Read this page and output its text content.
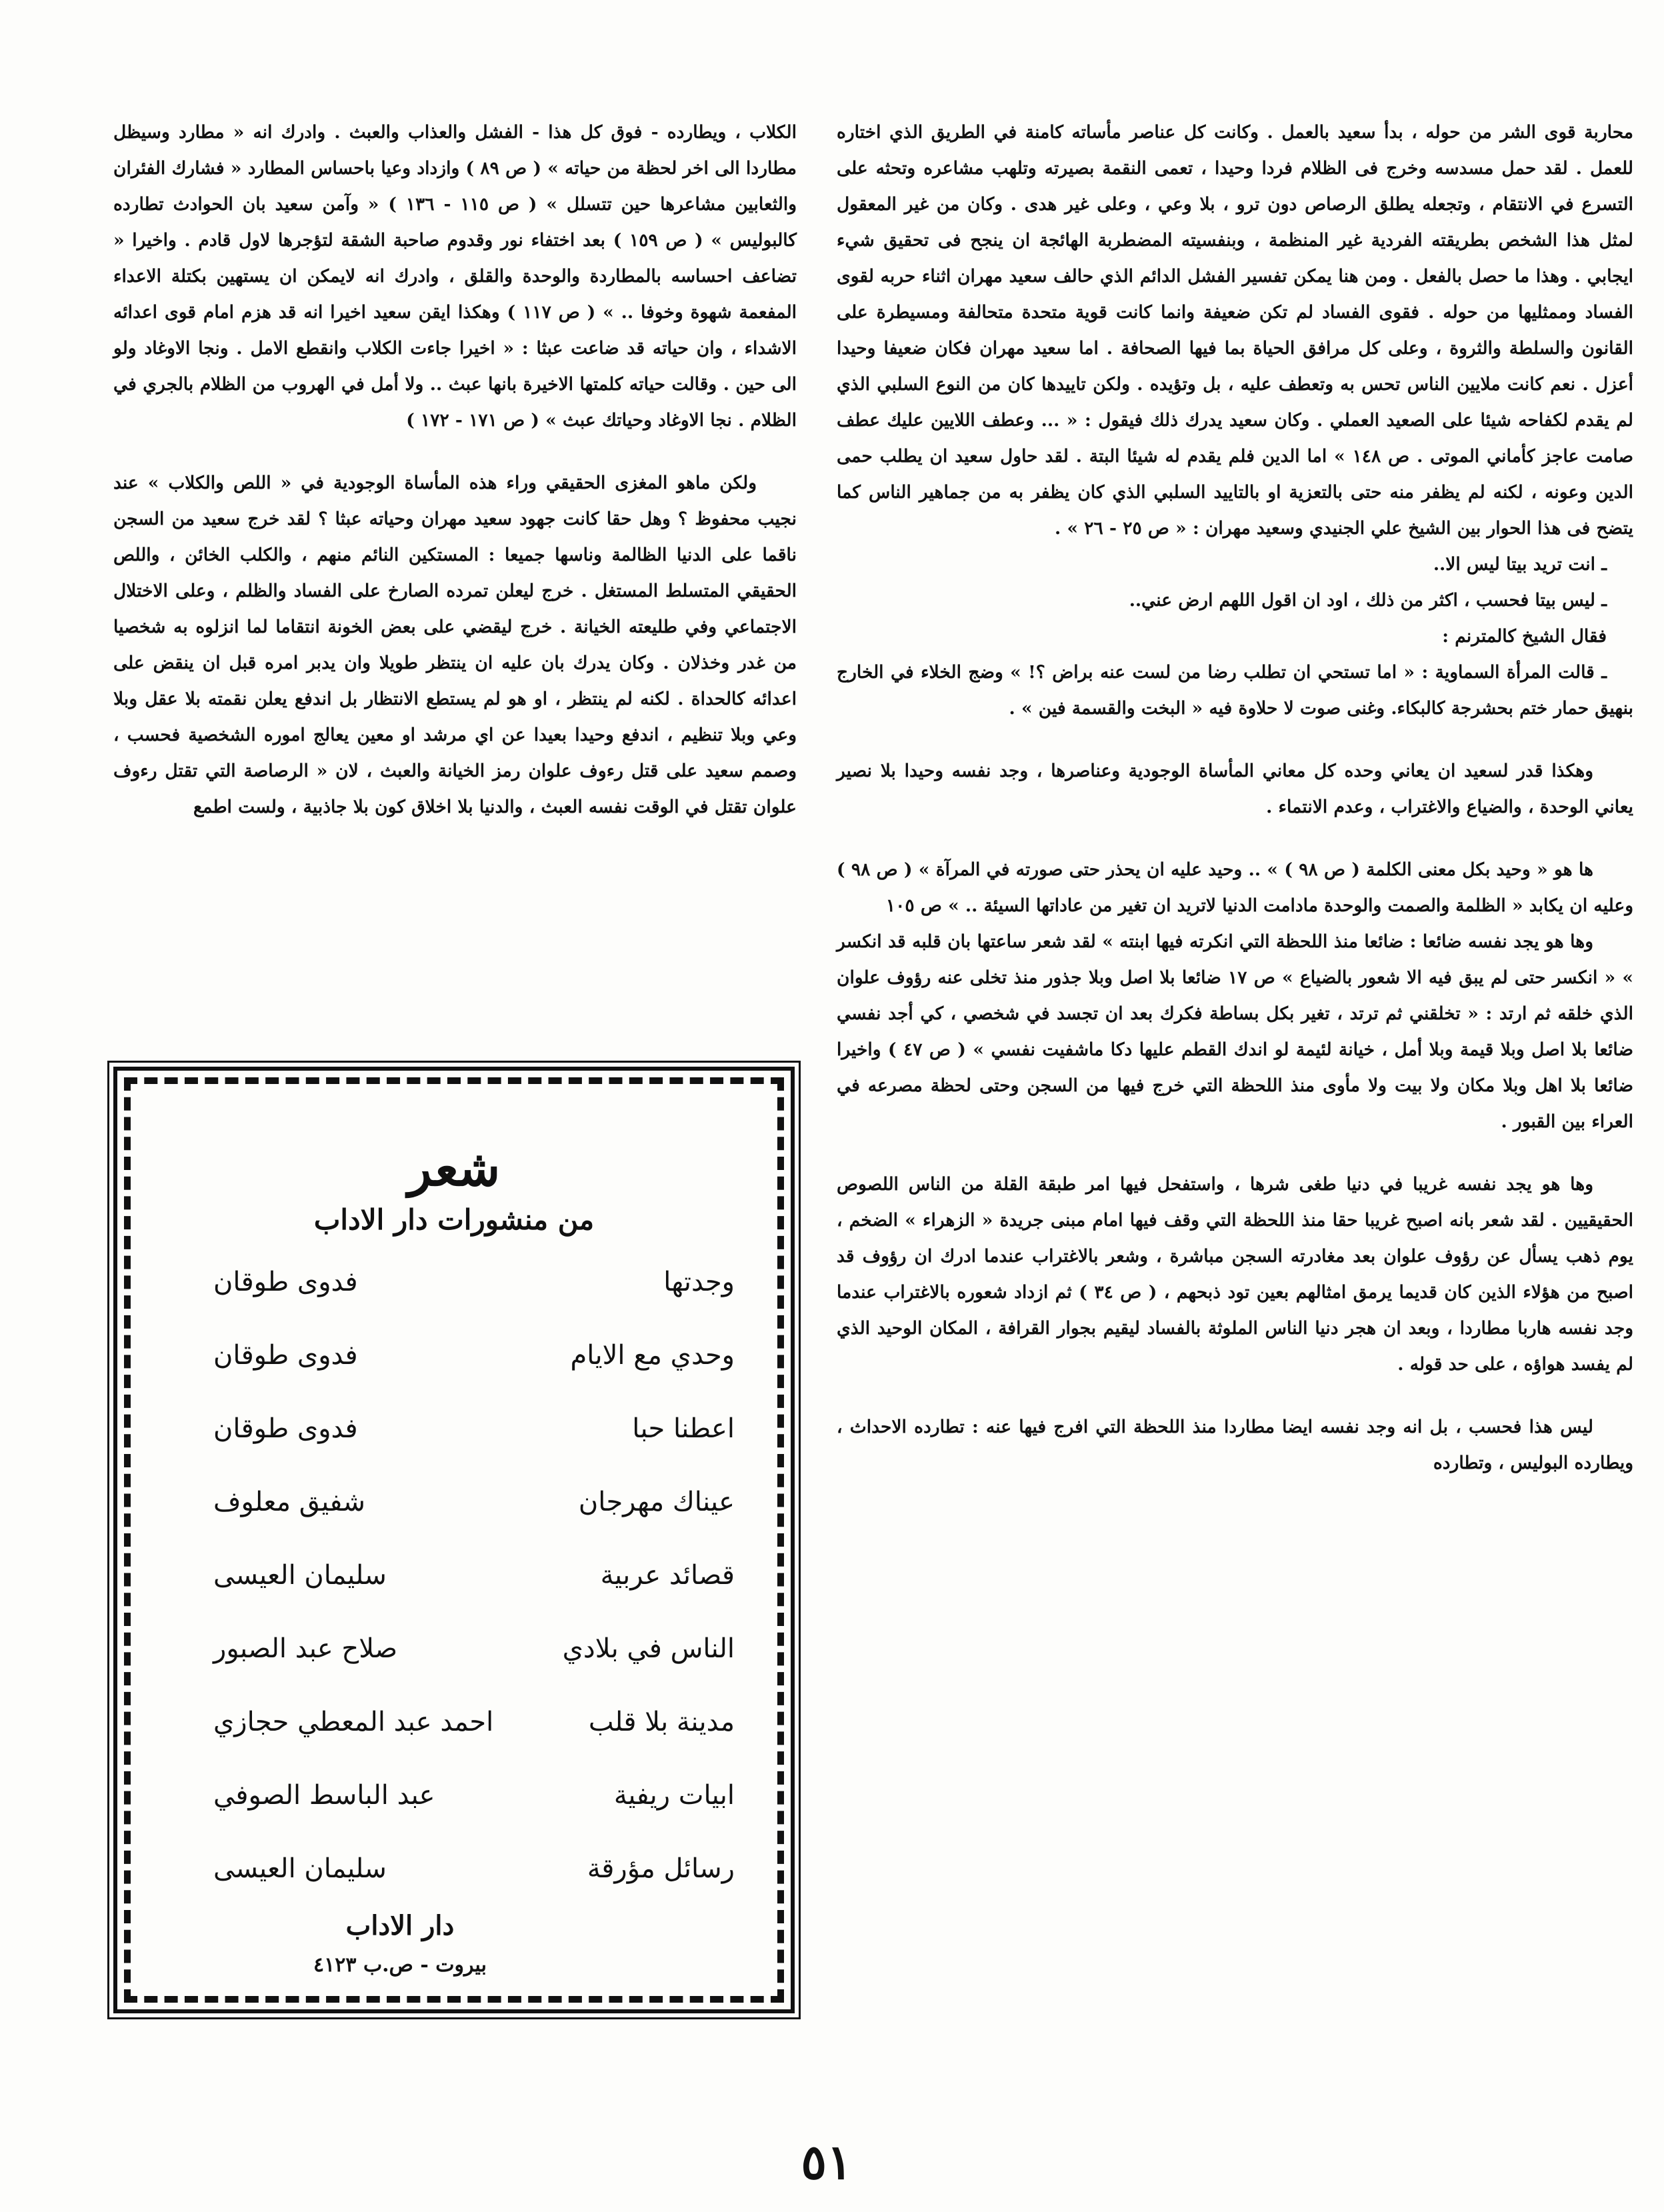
محاربة قوى الشر من حوله ، بدأ سعيد بالعمل . وكانت كل عناصر مأساته كامنة في الطريق الذي اختاره للعمل . لقد حمل مسدسه وخرج فى الظلام فردا وحيدا ، تعمى النقمة بصيرته وتلهب مشاعره وتحثه على التسرع في الانتقام ، وتجعله يطلق الرصاص دون ترو ، بلا وعي ، وعلى غير هدى . وكان من غير المعقول لمثل هذا الشخص بطريقته الفردية غير المنظمة ، وبنفسيته المضطربة الهائجة ان ينجح فى تحقيق شيء ايجابي . وهذا ما حصل بالفعل . ومن هنا يمكن تفسير الفشل الدائم الذي حالف سعيد مهران اثناء حربه لقوى الفساد وممثليها من حوله . فقوى الفساد لم تكن ضعيفة وانما كانت قوية متحدة متحالفة ومسيطرة على القانون والسلطة والثروة ، وعلى كل مرافق الحياة بما فيها الصحافة . اما سعيد مهران فكان ضعيفا وحيدا أعزل . نعم كانت ملايين الناس تحس به وتعطف عليه ، بل وتؤيده . ولكن تاييدها كان من النوع السلبي الذي لم يقدم لكفاحه شيئا على الصعيد العملي . وكان سعيد يدرك ذلك فيقول : « ... وعطف اللايين عليك عطف صامت عاجز كأماني الموتى . ص ١٤٨ » اما الدين فلم يقدم له شيئا البتة . لقد حاول سعيد ان يطلب حمى الدين وعونه ، لكنه لم يظفر منه حتى بالتعزية او بالتاييد السلبي الذي كان يظفر به من جماهير الناس كما يتضح فى هذا الحوار بين الشيخ علي الجنيدي وسعيد مهران : « ص ٢٥ - ٢٦ » .

ـ انت تريد بيتا ليس الا..

ـ ليس بيتا فحسب ، اكثر من ذلك ، اود ان اقول اللهم ارض عني..

فقال الشيخ كالمترنم :

ـ قالت المرأة السماوية : « اما تستحي ان تطلب رضا من لست عنه براض ؟! » وضج الخلاء في الخارج بنهيق حمار ختم بحشرجة كالبكاء. وغنى صوت لا حلاوة فيه « البخت والقسمة فين » .

وهكذا قدر لسعيد ان يعاني وحده كل معاني المأساة الوجودية وعناصرها ، وجد نفسه وحيدا بلا نصير يعاني الوحدة ، والضياع والاغتراب ، وعدم الانتماء .

ها هو « وحيد بكل معنى الكلمة ( ص ٩٨ ) » .. وحيد عليه ان يحذر حتى صورته في المرآة » ( ص ٩٨ ) وعليه ان يكابد « الظلمة والصمت والوحدة مادامت الدنيا لاتريد ان تغير من عاداتها السيئة .. » ص ١٠٥

وها هو يجد نفسه ضائعا : ضائعا منذ اللحظة التي انكرته فيها ابنته » لقد شعر ساعتها بان قلبه قد انكسر » « انكسر حتى لم يبق فيه الا شعور بالضياع » ص ١٧ ضائعا بلا اصل وبلا جذور منذ تخلى عنه رؤوف علوان الذي خلقه ثم ارتد : « تخلقني ثم ترتد ، تغير بكل بساطة فكرك بعد ان تجسد في شخصي ، كي أجد نفسي ضائعا بلا اصل وبلا قيمة وبلا أمل ، خيانة لئيمة لو اندك القطم عليها دكا ماشفيت نفسي » ( ص ٤٧ ) واخيرا ضائعا بلا اهل وبلا مكان ولا بيت ولا مأوى منذ اللحظة التي خرج فيها من السجن وحتى لحظة مصرعه في العراء بين القبور .

وها هو يجد نفسه غريبا في دنيا طغى شرها ، واستفحل فيها امر طبقة القلة من الناس اللصوص الحقيقيين . لقد شعر بانه اصبح غريبا حقا منذ اللحظة التي وقف فيها امام مبنى جريدة « الزهراء » الضخم ، يوم ذهب يسأل عن رؤوف علوان بعد مغادرته السجن مباشرة ، وشعر بالاغتراب عندما ادرك ان رؤوف قد اصبح من هؤلاء الذين كان قديما يرمق امثالهم بعين تود ذبحهم ، ( ص ٣٤ ) ثم ازداد شعوره بالاغتراب عندما وجد نفسه هاربا مطاردا ، وبعد ان هجر دنيا الناس الملوثة بالفساد ليقيم بجوار القرافة ، المكان الوحيد الذي لم يفسد هواؤه ، على حد قوله .

ليس هذا فحسب ، بل انه وجد نفسه ايضا مطاردا منذ اللحظة التي افرج فيها عنه : تطارده الاحداث ، ويطارده البوليس ، وتطارده

الكلاب ، ويطارده - فوق كل هذا - الفشل والعذاب والعبث . وادرك انه « مطارد وسيظل مطاردا الى اخر لحظة من حياته » ( ص ٨٩ ) وازداد وعيا باحساس المطارد « فشارك الفئران والثعابين مشاعرها حين تتسلل » ( ص ١١٥ - ١٣٦ ) « وآمن سعيد بان الحوادث تطارده كالبوليس » ( ص ١٥٩ ) بعد اختفاء نور وقدوم صاحبة الشقة لتؤجرها لاول قادم . واخيرا « تضاعف احساسه بالمطاردة والوحدة والقلق ، وادرك انه لايمكن ان يستهين بكتلة الاعداء المفعمة شهوة وخوفا .. » ( ص ١١٧ ) وهكذا ايقن سعيد اخيرا انه قد هزم امام قوى اعدائه الاشداء ، وان حياته قد ضاعت عبثا : « اخيرا جاءت الكلاب وانقطع الامل . ونجا الاوغاد ولو الى حين . وقالت حياته كلمتها الاخيرة بانها عبث .. ولا أمل في الهروب من الظلام بالجري في الظلام . نجا الاوغاد وحياتك عبث » ( ص ١٧١ - ١٧٢ )

ولكن ماهو المغزى الحقيقي وراء هذه المأساة الوجودية في « اللص والكلاب » عند نجيب محفوظ ؟ وهل حقا كانت جهود سعيد مهران وحياته عبثا ؟ لقد خرج سعيد من السجن ناقما على الدنيا الظالمة وناسها جميعا : المستكين النائم منهم ، والكلب الخائن ، واللص الحقيقي المتسلط المستغل . خرج ليعلن تمرده الصارخ على الفساد والظلم ، وعلى الاختلال الاجتماعي وفي طليعته الخيانة . خرج ليقضي على بعض الخونة انتقاما لما انزلوه به شخصيا من غدر وخذلان . وكان يدرك بان عليه ان ينتظر طويلا وان يدبر امره قبل ان ينقض على اعدائه كالحداة . لكنه لم ينتظر ، او هو لم يستطع الانتظار بل اندفع يعلن نقمته بلا عقل وبلا وعي وبلا تنظيم ، اندفع وحيدا بعيدا عن اي مرشد او معين يعالج اموره الشخصية فحسب ، وصمم سعيد على قتل رءوف علوان رمز الخيانة والعبث ، لان « الرصاصة التي تقتل رءوف علوان تقتل في الوقت نفسه العبث ، والدنيا بلا اخلاق كون بلا جاذبية ، ولست اطمع

شعر
من منشورات دار الاداب
وجدتها
فدوى طوقان
وحدي مع الايام
فدوى طوقان
اعطنا حبا
فدوى طوقان
عيناك مهرجان
شفيق معلوف
قصائد عربية
سليمان العيسى
الناس في بلادي
صلاح عبد الصبور
مدينة بلا قلب
احمد عبد المعطي حجازي
ابيات ريفية
عبد الباسط الصوفي
رسائل مؤرقة
سليمان العيسى
دار الاداب
بيروت - ص.ب ٤١٢٣
٥١
